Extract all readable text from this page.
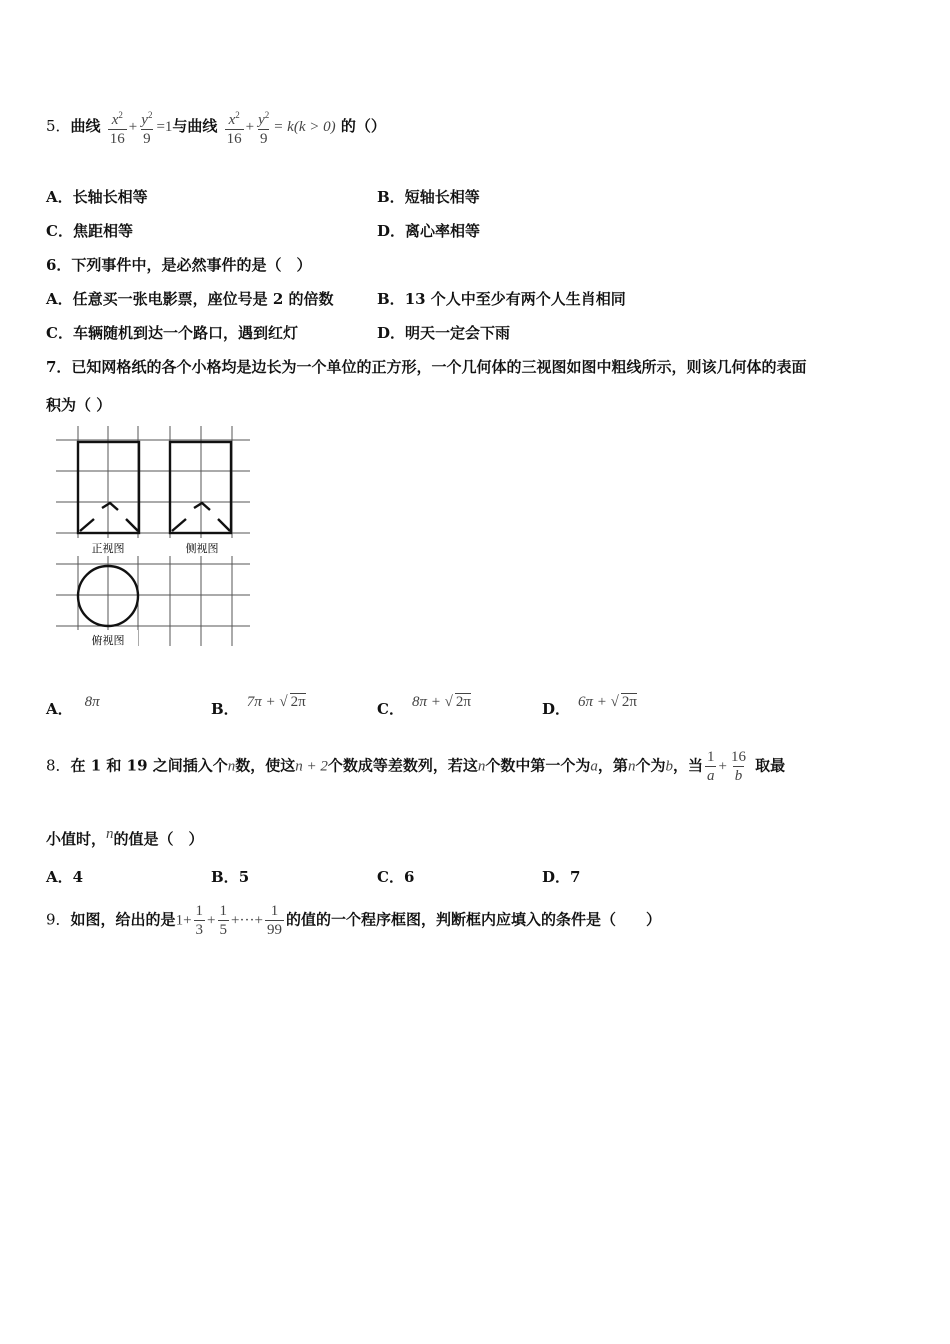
5．曲线 $\frac{x^2}{16} + \frac{y^2}{9} =1$与曲线 $\frac{x^2}{16} + \frac{y^2}{9} = k(k > 0)$ 的（）
A．长轴长相等	B．短轴长相等
C．焦距相等	D．离心率相等
6．下列事件中，是必然事件的是（　）
A．任意买一张电影票，座位号是 2 的倍数	B．13 个人中至少有两个人生肖相同
C．车辆随机到达一个路口，遇到红灯	D．明天一定会下雨
7．已知网格纸的各个小格均是边长为一个单位的正方形，一个几何体的三视图如图中粗线所示，则该几何体的表面
积为（ ）
正视图	侧视图
俯视图
A． 8π	B． 7π + √ 2π	C． 8π + √ 2π	D． 6π + √ 2π
8．在 1 和 19 之间插入个n数，使这n + 2个数成等差数列，若这n个数中第一个为a，第n个为b，当 $\frac{1}{a} + \frac{16}{b}$ 取最
小值时，n的值是（　）
A．4	B．5	C．6	D．7
9．如图，给出的是$1+ \frac{1}{3} + \frac{1}{5}$ +···+ $\frac{1}{99}$ 的值的一个程序框图，判断框内应填入的条件是（　　）
